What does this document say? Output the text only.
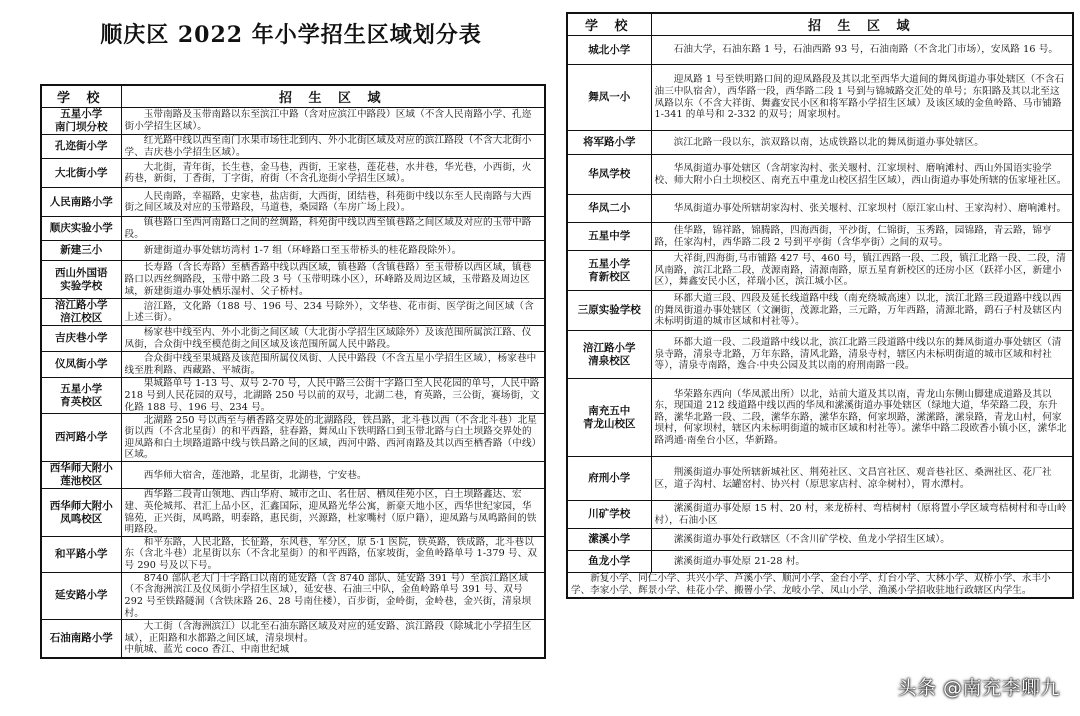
顺庆区 2022 年小学招生区域划分表
学 校	招 生 区 域
五星小学
南门坝分校	玉带南路及玉带南路以东至滨江中路（含对应滨江中路段）区域（不含人民南路小学、孔迩街小学招生区域）。
孔迩街小学	红光路中线以西至南门水果市场往北到内、外小北街区域及对应的滨江路段（不含大北街小学、吉庆巷小学招生区域）。
大北街小学	大北街，青年街，长生巷，金马巷，西街，王家巷，莲花巷，水井巷，华光巷，小西街，火药巷，新街，丁香街，丁字街，府街（不含孔迩街小学招生区域）。
人民南路小学	人民南路，幸福路，史家巷，盐店街，大西街，团结巷，科苑街中线以东至人民南路与大西街之间区域及对应的玉带路段，马道巷，桑园路（车房广场上段）。
顺庆实验小学	镇巷路口至西河南路口之间的丝绸路，科苑街中线以西至镇巷路之间区域及对应的玉带中路段。
新建三小	新建街道办事处辖坊湾村 1-7 组（环峰路口至玉带桥头的桂花路段除外）。
西山外国语
实验学校	长寿路（含长寿路）至栖香路中线以西区域，镇巷路（含镇巷路）至玉带桥以西区域，镇巷路口以西丝绸路段，玉带中路二段 3 号（玉带明珠小区），环峰路及周边区域，玉带路及周边区域，新建街道办事处栖乐湿村、父子桥村。
涪江路小学
涪江校区	涪江路，文化路（188 号、196 号、234 号除外），文华巷、花市街、医学街之间区域（含上述三街）。
吉庆巷小学	杨家巷中线至内、外小北街之间区域（大北街小学招生区域除外）及该范围所属滨江路、仪凤街，合众街中线至模范街之间区域及该范围所属人民中路段。
仪凤街小学	合众街中线至果城路及该范围所属仪凤街、人民中路段（不含五星小学招生区域），杨家巷中线至胜利路、西藏路、平城街。
五星小学
育英校区	果城路单号 1-13 号、双号 2-70 号，人民中路三公街十字路口至人民花园的单号，人民中路 218 号到人民花园的双号，北湖路 250 号以前的双号，北湖二巷，育英路，三公街，赛场街，文化路 188 号、196 号、234 号。
西河路小学	北湖路 250 号以西至与栖香路交界处的北湖路段，铁昌路，北斗巷以西（不含北斗巷）北星街以西（不含北星街）的和平西路，驻春路，舞凤山下铁明路口到玉带北路与白土坝路交界处的迎凤路和白土坝路道路中线与铁昌路之间的区域，西河中路、西河南路及其以西至栖香路（中线）区域。
西华师大附小
莲池校区	西华师大宿舍，莲池路，北星街，北湖巷，宁安巷。
西华师大附小
凤鸣校区	西华路二段青山领地、西山华府、城市之山、名仕居、栖凤佳苑小区，白土坝路鑫达、宏建、英伦城邦、君汇上品小区，汇鑫国际，迎凤路光华公寓，新豪天地小区，西华世纪家园，华锦苑，正兴街，凤鸣路，明泰路，惠民街，兴源路，杜家嘴村（原户籍），迎凤路与凤鸣路间的铁明路段。
和平路小学	和平东路，人民北路，长征路，东风巷，军分区，原 5·1 医院，铁英路，铁成路，北斗巷以东（含北斗巷）北星街以东（不含北星街）的和平西路，伍家坡街，金鱼岭路单号 1-379 号、双号 290 号及以下号。
延安路小学	8740 部队老大门十字路口以南的延安路（含 8740 部队、延安路 391 号）至滨江路区域（不含海洲滨江及仪凤街小学招生区域），延安巷、石油三中队，金鱼岭路单号 391 号、双号 292 号至铁路隧洞（含铁床路 26、28 号南住楼），百步街，金岭街，金岭巷，金兴街，清泉坝村。
石油南路小学	大工街（含海洲滨江）以北至石油东路区域及对应的延安路、滨江路段（除城北小学招生区域），正阳路和水都路之间区域，清泉坝村。
中航城、蓝光 coco 香江、中南世纪城
学 校	招 生 区 域
城北小学	石油大学，石油东路 1 号，石油西路 93 号，石油南路（不含北门市场），安凤路 16 号。
舞凤一小	迎凤路 1 号至铁明路口间的迎凤路段及其以北至西华大道间的舞凤街道办事处辖区（不含石油三中队宿舍），西华路一段，西华路二段 1 号到与锦城路交汇处的单号；东阳路及其以北至这凤路以东（不含大祥街、舞鑫安民小区和将军路小学招生区域）及该区域的金鱼岭路、马市铺路 1-341 的单号和 2-332 的双号；周家坝村。
将军路小学	滨江北路一段以东，滨双路以南，达成铁路以北的舞凤街道办事处辖区。
华凤学校	华凤街道办事处辖区（含胡家沟村、张关堰村、江家坝村、磨响滩村、西山外国语实验学校、师大附小白土坝校区、南充五中重龙山校区招生区域），西山街道办事处所辖的伍家垭社区。
华凤二小	华凤街道办事处所辖胡家沟村、张关堰村、江家坝村（原江家山村、王家沟村）、磨响滩村。
五星中学	佳华路，锦祥路，锦腾路，四海西街，平沙街，仁锦街，玉秀路，园锦路，青云路，锦亨路，任家沟村，西华路二段 2 号到平亭街（含华亭街）之间的双号。
五星小学
育新校区	大祥街,四海街,马市铺路 427 号、460 号，镇江西路一段、二段，镇江北路一段、二段，清风南路，滨江北路二段，茂源南路，清源南路，原五星育新校区的还房小区（跃祥小区，新建小区），舞鑫安民小区，祥瑞小区，滨江城小区。
三原实验学校	环都大道三段、四段及延长线道路中线（南充绕城高速）以北，滨江北路三段道路中线以西的舞凤街道办事处辖区（文澜街，茂源北路，三元路，万年西路，清源北路，鹞石子村及辖区内未标明街道的城市区域和村社等）。
涪江路小学
清泉校区	环都大道一段、二段道路中线以北，滨江北路三段道路中线以东的舞凤街道办事处辖区（清泉寺路，清泉寺北路，万年东路，清风北路，清泉寺村，辖区内未标明街道的城市区域和村社等），清泉寺南路，逸合·中央公园及其以南的府刑南路一段。
南充五中
青龙山校区	华荣路东西向（华凤派出所）以北，站前大道及其以南，青龙山东侧山脚建成道路及其以东，现国道 212 线道路中线以西的华凤和潆溪街道办事处辖区（绿地大道，华荣路二段，东升路，潆华北路一段、二段，潆华东路，潆华东路，何家坝路，潆潆路，潆泉路，青龙山村，何家坝村，何家坝村，辖区内未标明街道的城市区域和村社等）。潆华中路二段欧香小镇小区，潆华北路鸿通·南垒台小区，华新路。
府刑小学	荆溪街道办事处所辖新城社区、荆苑社区、文昌宫社区、观音巷社区、桑洲社区、花厂社区，道子沟村、坛罐窑村、协兴村（原思家店村、凉伞树村），胃水潭村。
川矿学校	潆溪街道办事处原 15 村、20 村，来龙桥村、弯桔树村（原将置小学区域弯桔树村和寺山岭村），石油小区
潆溪小学	潆溪街道办事处行政辖区（不含川矿学校、鱼龙小学招生区域）。
鱼龙小学	潆溪街道办事处原 21-28 村。
新复小学、同仁小学、共兴小学、芦溪小学、顺河小学、金台小学、灯台小学、大林小学、双桥小学、永丰小学、李家小学、辉景小学、桂花小学、搬罾小学、龙岐小学、凤山小学、渔溪小学招收驻地行政辖区内学生。	
头条 @南充李卿九
